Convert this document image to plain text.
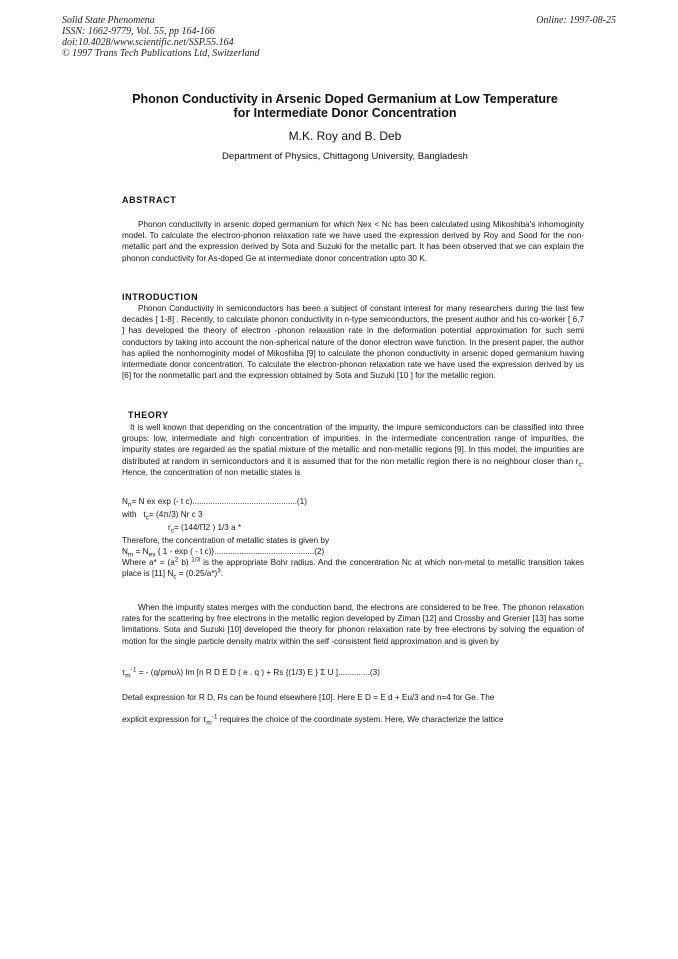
Solid State Phenomena
ISSN: 1662-9779, Vol. 55, pp 164-166
doi:10.4028/www.scientific.net/SSP.55.164
© 1997 Trans Tech Publications Ltd, Switzerland
Online: 1997-08-25
Phonon Conductivity in Arsenic Doped Germanium at Low Temperature
for Intermediate Donor Concentration
M.K. Roy and B. Deb
Department of Physics, Chittagong University, Bangladesh
ABSTRACT
Phonon conductivity in arsenic doped germanium for which Nex < Nc has been calculated using Mikoshiba's inhomoginity model. To calculate the electron-phonon relaxation rate we have used the expression derived by Roy and Sood for the non-metallic part and the expression derived by Sota and Suzuki for the metallic part. It has been observed that we can explain the phonon conductivity for As-doped Ge at intermediate donor concentration upto 30 K.
INTRODUCTION
Phonon Conductivity in semiconductors has been a subject of constant interest for many researchers during the last few decades [ 1-8] . Recently, to calculate phonon conductivity in n-type semiconductors, the present author and his co-worker [ 6,7 ] has developed the theory of electron -phonon relaxation rate in the deformation potential approximation for such semi conductors by taking into account the non-spherical nature of the donor electron wave function. In the present paper, the author has aplied the nonhomoginity model of Mikoshiba [9] to calculate the phonon conductivity in arsenic doped germanium having intermediate donor concentration. To calculate the electron-phonon relaxation rate we have used the expression derived by us [6] for the nonmetallic part and the expression obtained by Sota and Suzuki [10 ] for the metallic region.
THEORY
It is well known that depending on the concentration of the impurity, the impure semiconductors can be classified into three groups: low, intermediate and high concentration of impurities. In the intermediate concentration range of impurities, the impurity states are regarded as the spatial mixture of the metallic and non-metallic regions [9]. In this model, the impurities are distributed at random in semiconductors and it is assumed that for the non metallic region there is no neighbour closer than $r_c$. Hence, the concentration of non metallic states is
$N_n= N$ ex exp (- t c)..............................................(1)
with   $t_c= (4\pi/3)$ Nr c 3
$r_c= (144/\Pi 2$ ) 1/3 a *
Therefore, the concentration of metallic states is given by
$N_m = N_{ex}$ { 1 - exp ( - t c)}............................................(2)
Where $a* = (a^2$ b) $^{1/3}$ is the appropriate Bohr radius. And the concentration Nc at which non-metal to metallic transition takes place is [11] $N_c = (0.25/a*)^3$.
When the impurity states merges with the conduction band, the electrons are considered to be free. The phonon relaxation rates for the scattering by free electrons in the metallic region developed by Ziman [12] and Crossby and Grenier [13] has some limitations. Sota and Suzuki [10] developed the theory for phonon relaxation rate by free electrons by solving the equation of motion for the single particle density matrix within the self -consistent field approximation and is given by
$\tau_m^{-1}$ = - (q/ρmυλ) Im [n R D E D ( e . q ) + Rs {(1/3) E } Σ U ]..............(3)
Detail expression for R D, Rs can be found elsewhere [10]. Here E D = E d + Eu/3 and n=4 for Ge. The
explicit expression for $\tau_m^{-1}$ requires the choice of the coordinate system. Here, We characterize the lattice
